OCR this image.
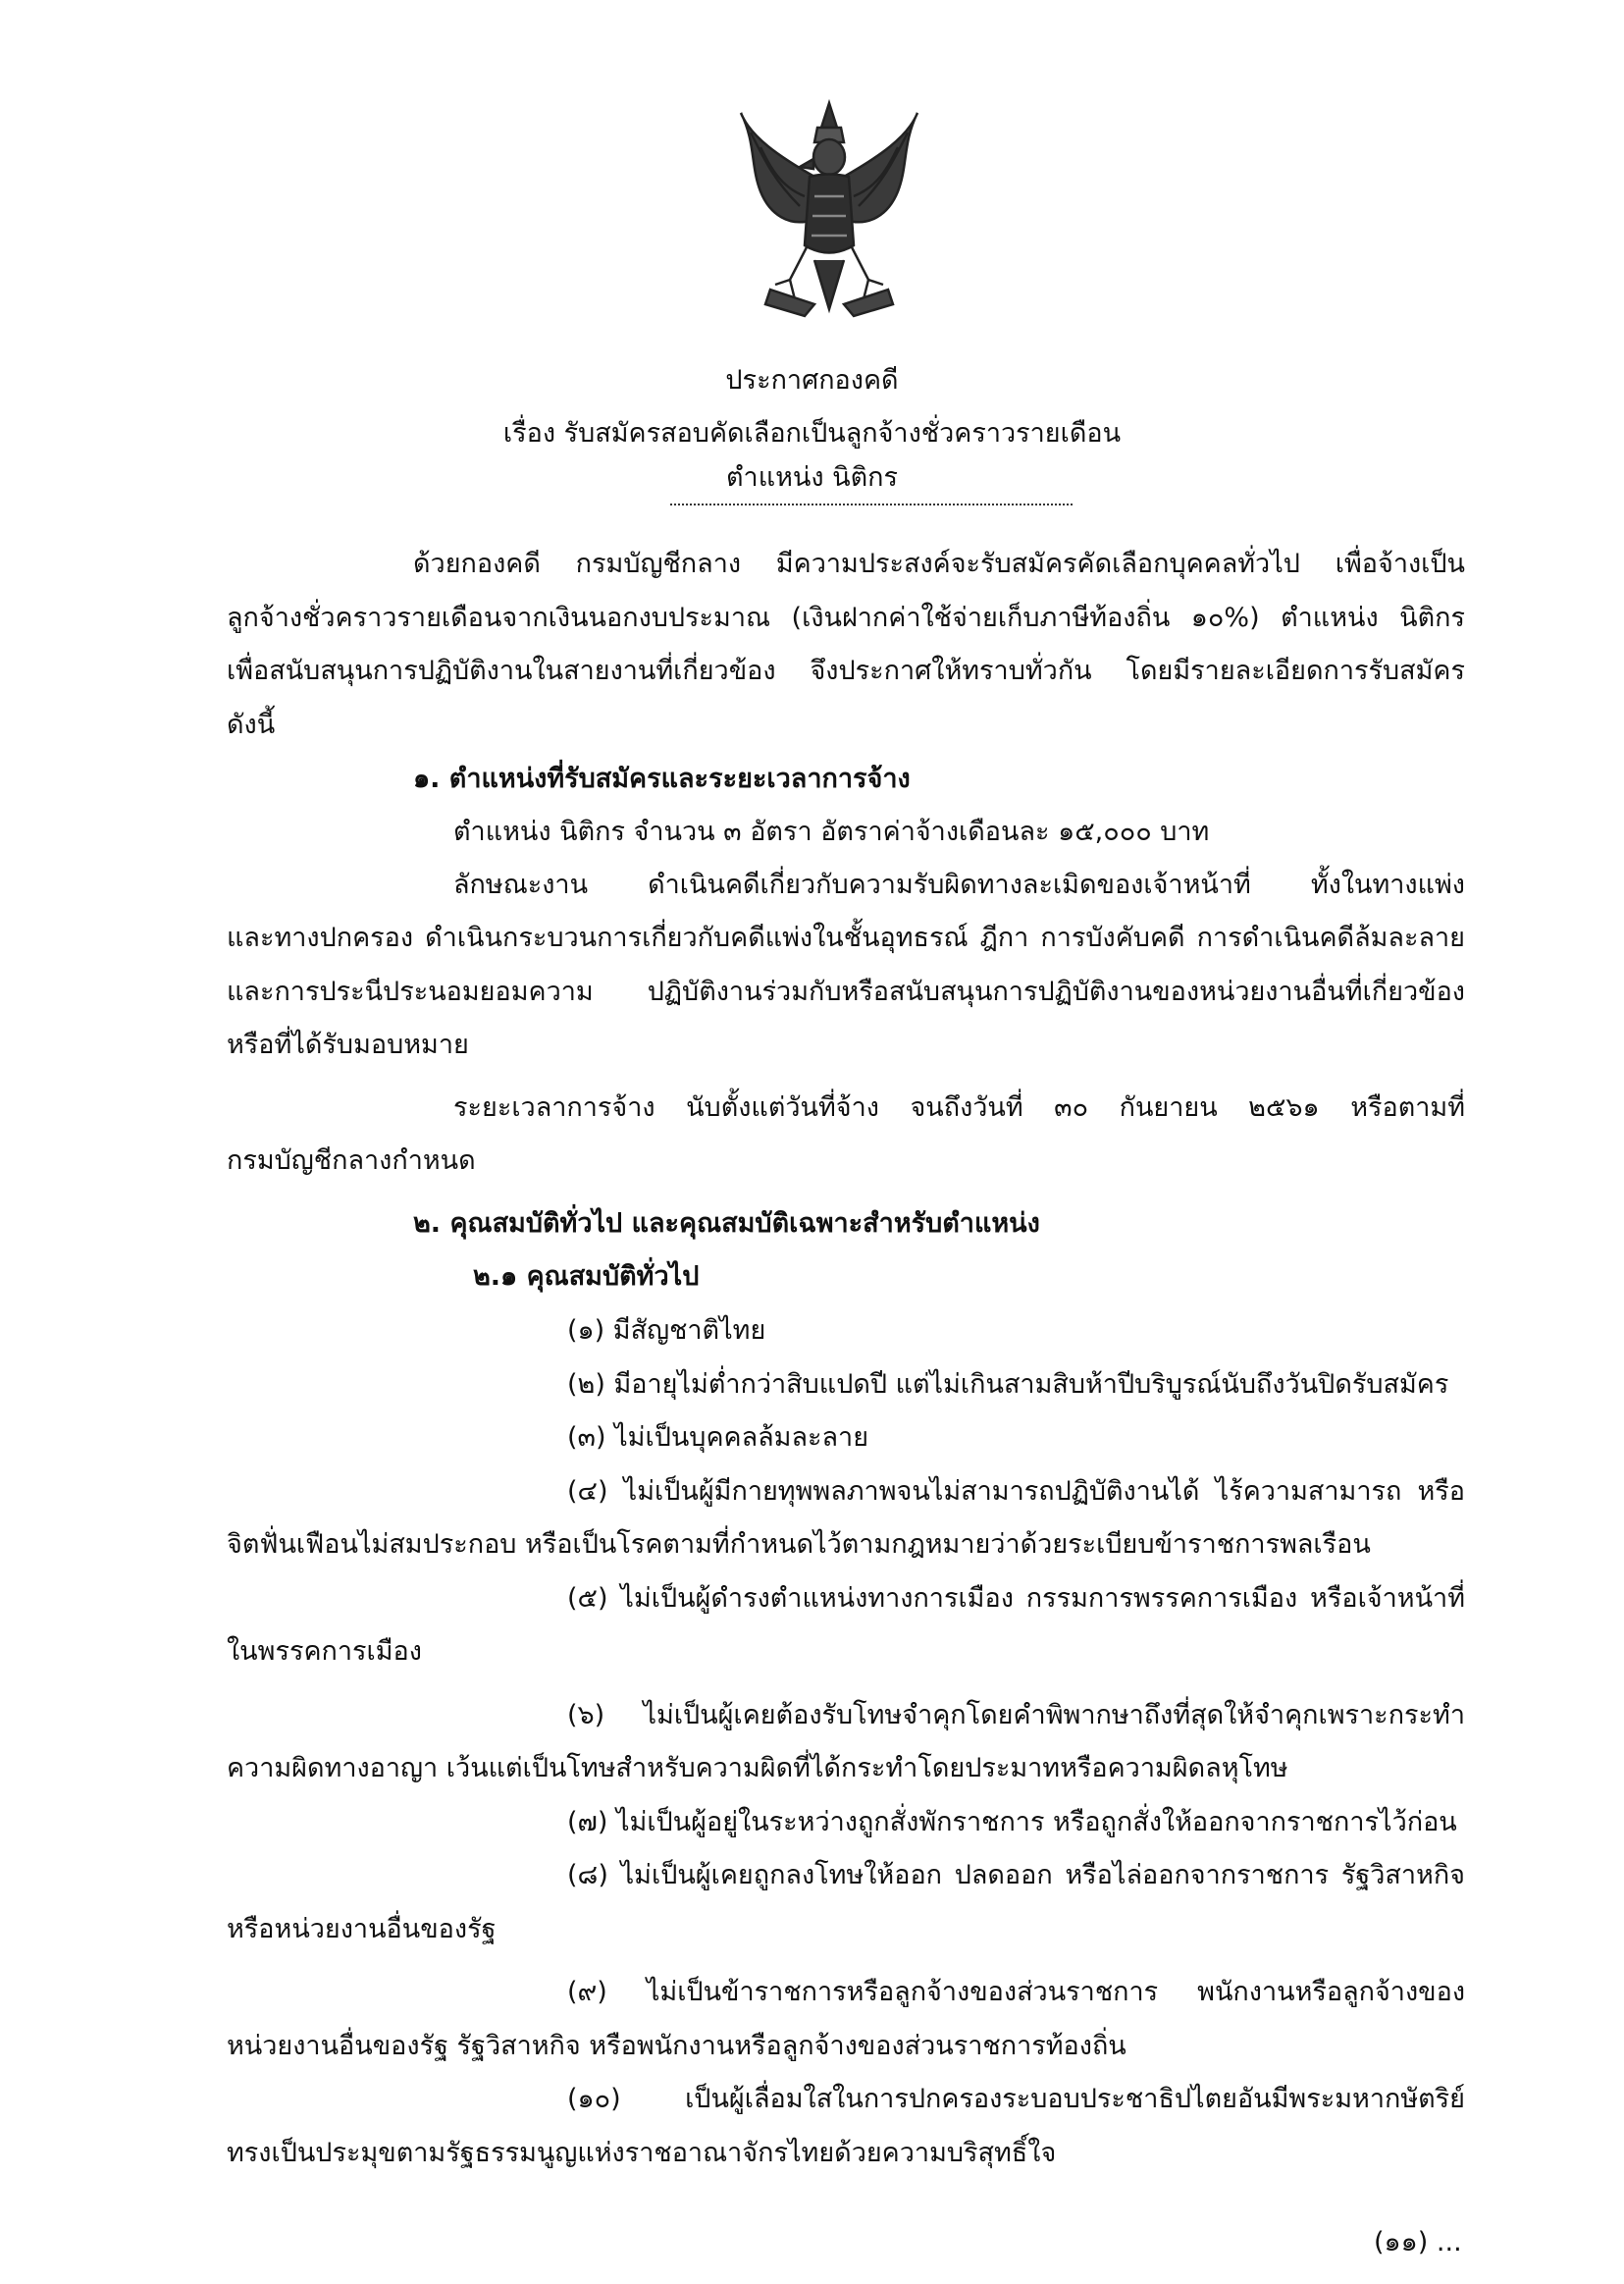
ประกาศกองคดี
เรื่อง รับสมัครสอบคัดเลือกเป็นลูกจ้างชั่วคราวรายเดือน
ตำแหน่ง นิติกร
ด้วยกองคดี กรมบัญชีกลาง มีความประสงค์จะรับสมัครคัดเลือกบุคคลทั่วไป เพื่อจ้างเป็น
ลูกจ้างชั่วคราวรายเดือนจากเงินนอกงบประมาณ (เงินฝากค่าใช้จ่ายเก็บภาษีท้องถิ่น ๑๐%) ตำแหน่ง นิติกร
เพื่อสนับสนุนการปฏิบัติงานในสายงานที่เกี่ยวข้อง จึงประกาศให้ทราบทั่วกัน โดยมีรายละเอียดการรับสมัคร
ดังนี้
๑. ตำแหน่งที่รับสมัครและระยะเวลาการจ้าง
ตำแหน่ง นิติกร จำนวน ๓ อัตรา อัตราค่าจ้างเดือนละ ๑๕,๐๐๐ บาท
ลักษณะงาน ดำเนินคดีเกี่ยวกับความรับผิดทางละเมิดของเจ้าหน้าที่ ทั้งในทางแพ่ง
และทางปกครอง ดำเนินกระบวนการเกี่ยวกับคดีแพ่งในชั้นอุทธรณ์ ฎีกา การบังคับคดี การดำเนินคดีล้มละลาย
และการประนีประนอมยอมความ ปฏิบัติงานร่วมกับหรือสนับสนุนการปฏิบัติงานของหน่วยงานอื่นที่เกี่ยวข้อง
หรือที่ได้รับมอบหมาย
ระยะเวลาการจ้าง นับตั้งแต่วันที่จ้าง จนถึงวันที่ ๓๐ กันยายน ๒๕๖๑ หรือตามที่
กรมบัญชีกลางกำหนด
๒. คุณสมบัติทั่วไป และคุณสมบัติเฉพาะสำหรับตำแหน่ง
๒.๑ คุณสมบัติทั่วไป
(๑) มีสัญชาติไทย
(๒) มีอายุไม่ต่ำกว่าสิบแปดปี แต่ไม่เกินสามสิบห้าปีบริบูรณ์นับถึงวันปิดรับสมัคร
(๓) ไม่เป็นบุคคลล้มละลาย
(๔) ไม่เป็นผู้มีกายทุพพลภาพจนไม่สามารถปฏิบัติงานได้ ไร้ความสามารถ หรือ
จิตฟั่นเฟือนไม่สมประกอบ หรือเป็นโรคตามที่กำหนดไว้ตามกฎหมายว่าด้วยระเบียบข้าราชการพลเรือน
(๕) ไม่เป็นผู้ดำรงตำแหน่งทางการเมือง กรรมการพรรคการเมือง หรือเจ้าหน้าที่
ในพรรคการเมือง
(๖) ไม่เป็นผู้เคยต้องรับโทษจำคุกโดยคำพิพากษาถึงที่สุดให้จำคุกเพราะกระทำ
ความผิดทางอาญา เว้นแต่เป็นโทษสำหรับความผิดที่ได้กระทำโดยประมาทหรือความผิดลหุโทษ
(๗) ไม่เป็นผู้อยู่ในระหว่างถูกสั่งพักราชการ หรือถูกสั่งให้ออกจากราชการไว้ก่อน
(๘) ไม่เป็นผู้เคยถูกลงโทษให้ออก ปลดออก หรือไล่ออกจากราชการ รัฐวิสาหกิจ
หรือหน่วยงานอื่นของรัฐ
(๙) ไม่เป็นข้าราชการหรือลูกจ้างของส่วนราชการ พนักงานหรือลูกจ้างของ
หน่วยงานอื่นของรัฐ รัฐวิสาหกิจ หรือพนักงานหรือลูกจ้างของส่วนราชการท้องถิ่น
(๑๐) เป็นผู้เลื่อมใสในการปกครองระบอบประชาธิปไตยอันมีพระมหากษัตริย์
ทรงเป็นประมุขตามรัฐธรรมนูญแห่งราชอาณาจักรไทยด้วยความบริสุทธิ์ใจ
(๑๑) ...
